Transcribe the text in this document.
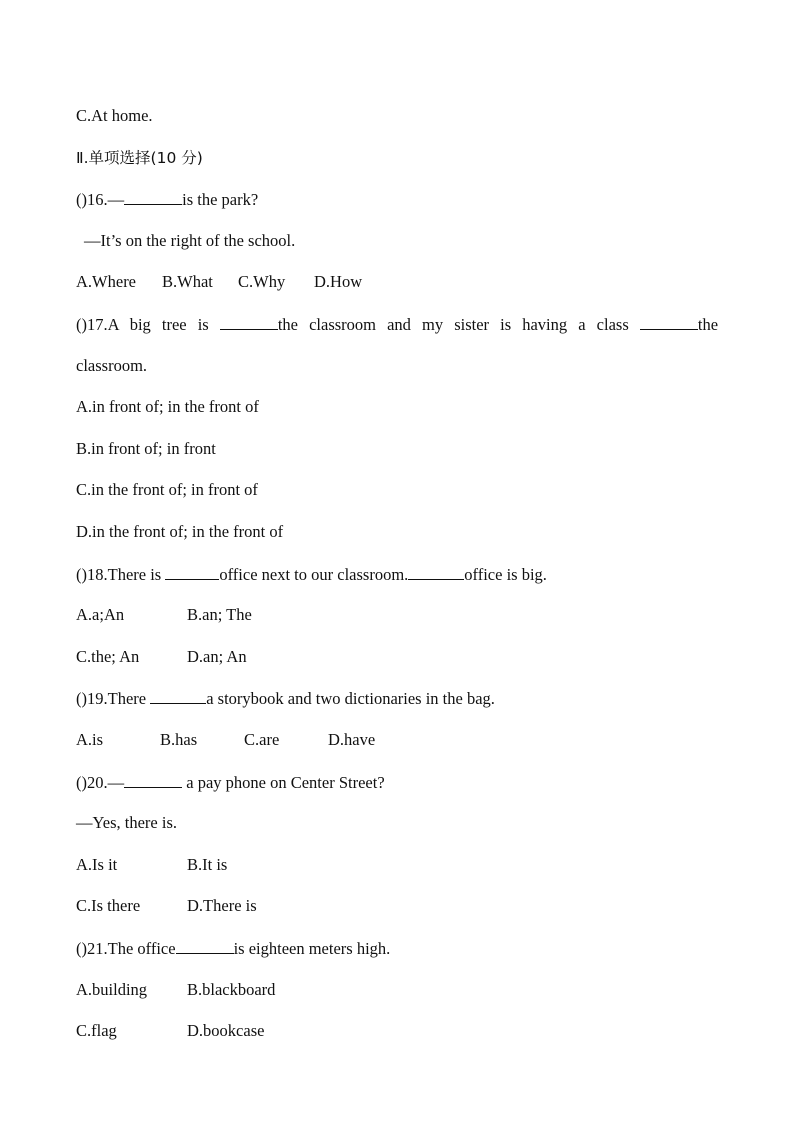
C.At home.
Ⅱ.单项选择(10 分)
()16.—	is the park?
—It’s on the right of the school.
A.Where B.What C.Why D.How
()17.A big tree is	the classroom and my sister is having a class	the
classroom.
A.in front of; in the front of
B.in front of; in front
C.in the front of; in front of
D.in the front of; in the front of
()18.There is	office next to our classroom.	office is big.
A.a;An	B.an; The
C.the; An	D.an; An
()19.There	a storybook and two dictionaries in the bag.
A.is	B.has	C.are	D.have
()20.—	a pay phone on Center Street?
—Yes, there is.
A.Is it	B.It is
C.Is there	D.There is
()21.The office	is eighteen meters high.
A.building B.blackboard
C.flag	D.bookcase
